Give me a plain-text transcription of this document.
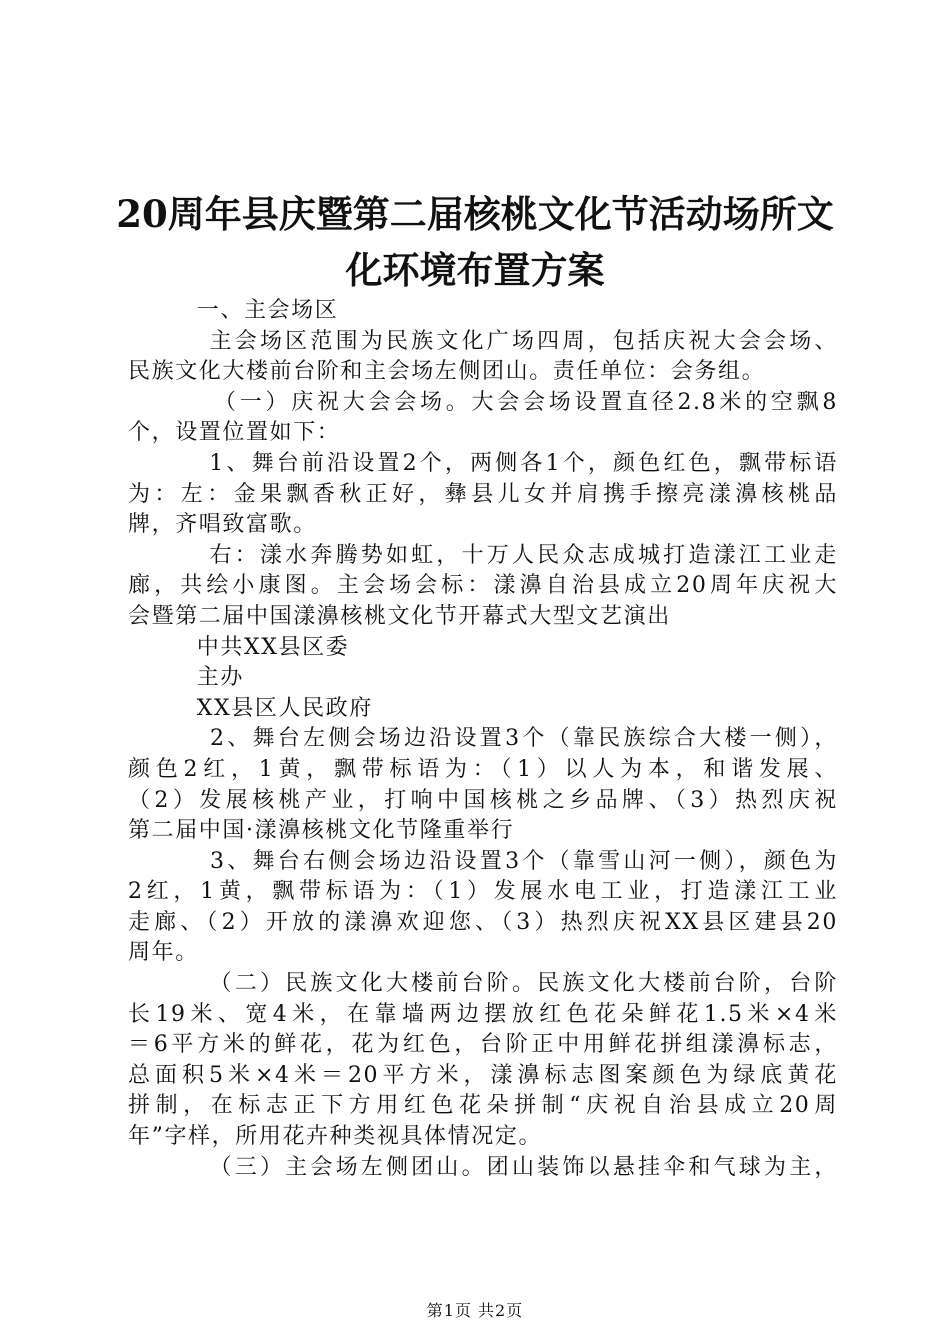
20周年县庆暨第二届核桃文化节活动场所文
化环境布置方案
一、主会场区
主会场区范围为民族文化广场四周，包括庆祝大会会场、
民族文化大楼前台阶和主会场左侧团山。责任单位：会务组。
（一）庆祝大会会场。大会会场设置直径2.8米的空飘8
个，设置位置如下：
1、舞台前沿设置2个，两侧各1个，颜色红色，飘带标语
为：左：金果飘香秋正好，彝县儿女并肩携手擦亮漾濞核桃品
牌，齐唱致富歌。
右：漾水奔腾势如虹，十万人民众志成城打造漾江工业走
廊，共绘小康图。主会场会标：漾濞自治县成立20周年庆祝大
会暨第二届中国漾濞核桃文化节开幕式大型文艺演出
中共XX县区委
主办
XX县区人民政府
2、舞台左侧会场边沿设置3个（靠民族综合大楼一侧），
颜色2红，1黄，飘带标语为：（1）以人为本，和谐发展、
（2）发展核桃产业，打响中国核桃之乡品牌、（3）热烈庆祝
第二届中国·漾濞核桃文化节隆重举行
3、舞台右侧会场边沿设置3个（靠雪山河一侧），颜色为
2红，1黄，飘带标语为：（1）发展水电工业，打造漾江工业
走廊、（2）开放的漾濞欢迎您、（3）热烈庆祝XX县区建县20
周年。
（二）民族文化大楼前台阶。民族文化大楼前台阶，台阶
长19米、宽4米，在靠墙两边摆放红色花朵鲜花1.5米×4米
＝6平方米的鲜花，花为红色，台阶正中用鲜花拼组漾濞标志，
总面积5米×4米＝20平方米，漾濞标志图案颜色为绿底黄花
拼制，在标志正下方用红色花朵拼制“庆祝自治县成立20周
年”字样，所用花卉种类视具体情况定。
（三）主会场左侧团山。团山装饰以悬挂伞和气球为主，
第1页 共2页
